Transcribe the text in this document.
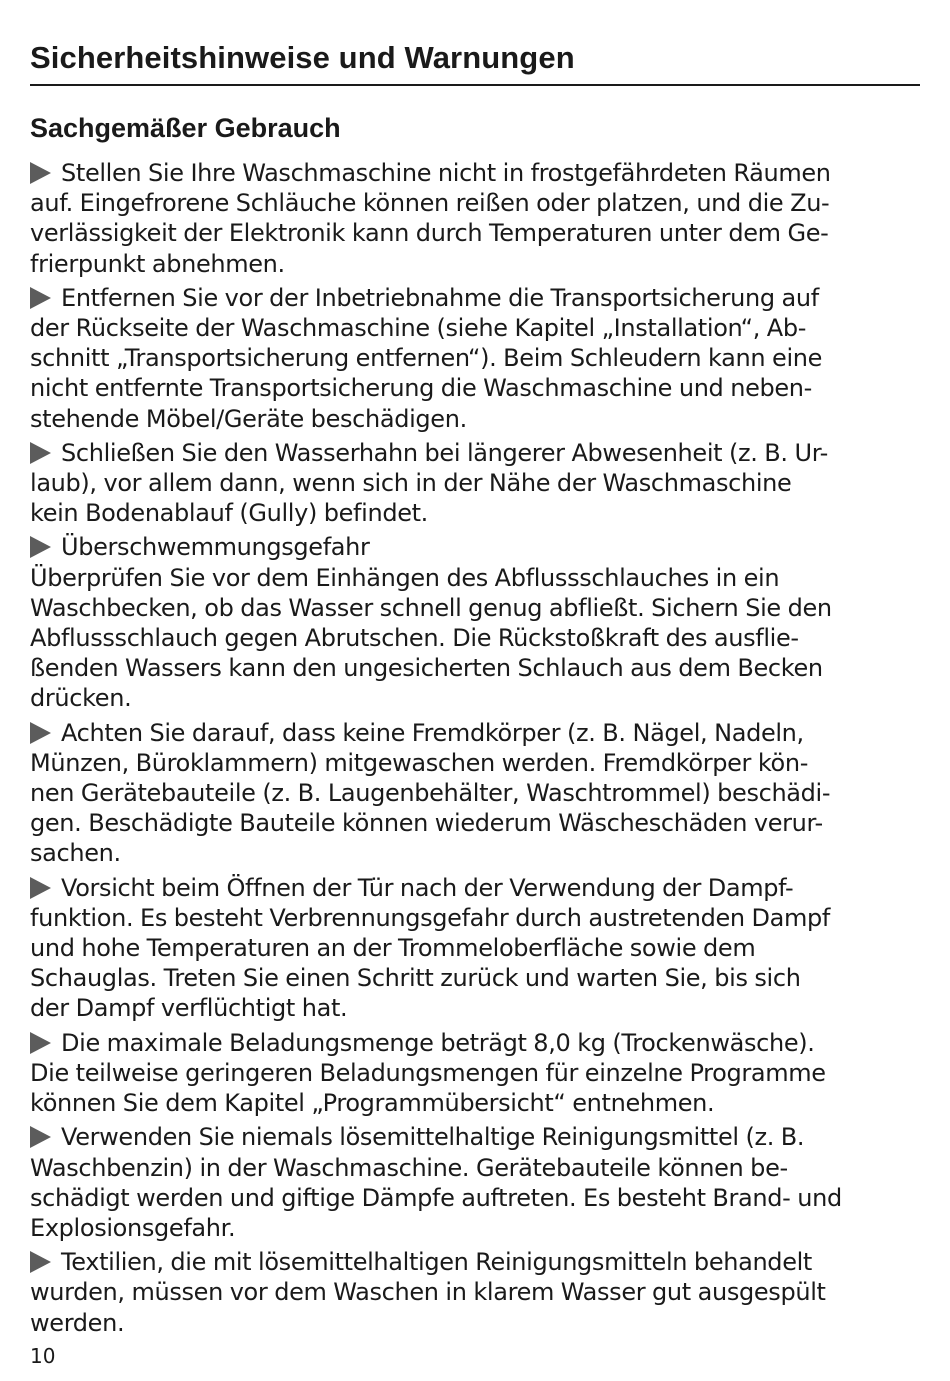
Sicherheitshinweise und Warnungen
Sachgemäßer Gebrauch

Stellen Sie Ihre Waschmaschine nicht in frostgefährdeten Räumen
auf. Eingefrorene Schläuche können reißen oder platzen, und die Zu-
verlässigkeit der Elektronik kann durch Temperaturen unter dem Ge-
frierpunkt abnehmen.

Entfernen Sie vor der Inbetriebnahme die Transportsicherung auf
der Rückseite der Waschmaschine (siehe Kapitel „Installation“, Ab-
schnitt „Transportsicherung entfernen“). Beim Schleudern kann eine
nicht entfernte Transportsicherung die Waschmaschine und neben-
stehende Möbel/Geräte beschädigen.

Schließen Sie den Wasserhahn bei längerer Abwesenheit (z. B. Ur-
laub), vor allem dann, wenn sich in der Nähe der Waschmaschine
kein Bodenablauf (Gully) befindet.

Überschwemmungsgefahr
Überprüfen Sie vor dem Einhängen des Abflussschlauches in ein
Waschbecken, ob das Wasser schnell genug abfließt. Sichern Sie den
Abflussschlauch gegen Abrutschen. Die Rückstoßkraft des ausflie-
ßenden Wassers kann den ungesicherten Schlauch aus dem Becken
drücken.

Achten Sie darauf, dass keine Fremdkörper (z. B. Nägel, Nadeln,
Münzen, Büroklammern) mitgewaschen werden. Fremdkörper kön-
nen Gerätebauteile (z. B. Laugenbehälter, Waschtrommel) beschädi-
gen. Beschädigte Bauteile können wiederum Wäscheschäden verur-
sachen.

Vorsicht beim Öffnen der Tür nach der Verwendung der Dampf-
funktion. Es besteht Verbrennungsgefahr durch austretenden Dampf
und hohe Temperaturen an der Trommeloberfläche sowie dem
Schauglas. Treten Sie einen Schritt zurück und warten Sie, bis sich
der Dampf verflüchtigt hat.

Die maximale Beladungsmenge beträgt 8,0 kg (Trockenwäsche).
Die teilweise geringeren Beladungsmengen für einzelne Programme
können Sie dem Kapitel „Programmübersicht“ entnehmen.

Verwenden Sie niemals lösemittelhaltige Reinigungsmittel (z. B.
Waschbenzin) in der Waschmaschine. Gerätebauteile können be-
schädigt werden und giftige Dämpfe auftreten. Es besteht Brand- und
Explosionsgefahr.

Textilien, die mit lösemittelhaltigen Reinigungsmitteln behandelt
wurden, müssen vor dem Waschen in klarem Wasser gut ausgespült
werden.

10
